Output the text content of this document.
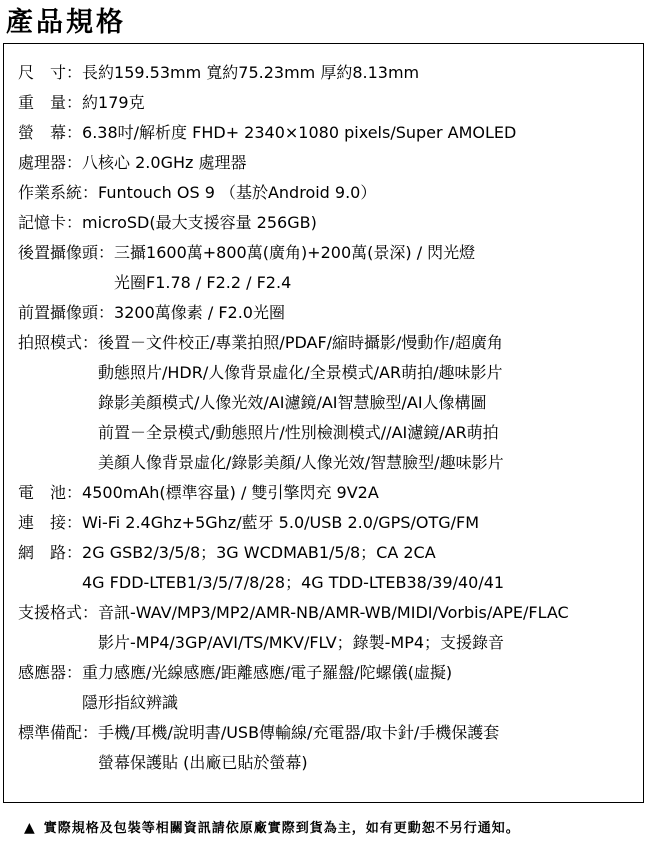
產品規格
尺　寸 ： 長約159.53mm 寬約75.23mm 厚約8.13mm
重　量 ： 約179克
螢　幕 ： 6.38吋/解析度 FHD+ 2340×1080 pixels/Super AMOLED
處理器 ： 八核心 2.0GHz 處理器
作業系統 ： Funtouch OS 9 （基於Android 9.0）
記憶卡 ： microSD(最大支援容量 256GB)
後置攝像頭 ： 三攝1600萬+800萬(廣角)+200萬(景深) / 閃光燈
光圈F1.78 / F2.2 / F2.4
前置攝像頭 ： 3200萬像素 / F2.0光圈
拍照模式 ： 後置－文件校正/專業拍照/PDAF/縮時攝影/慢動作/超廣角
動態照片/HDR/人像背景虛化/全景模式/AR萌拍/趣味影片
錄影美顏模式/人像光效/AI濾鏡/AI智慧臉型/AI人像構圖
前置－全景模式/動態照片/性別檢測模式//AI濾鏡/AR萌拍
美顏人像背景虛化/錄影美顏/人像光效/智慧臉型/趣味影片
電　池 ： 4500mAh(標準容量) / 雙引擎閃充 9V2A
連　接 ： Wi-Fi 2.4Ghz+5Ghz/藍牙 5.0/USB 2.0/GPS/OTG/FM
網　路 ： 2G GSB2/3/5/8；3G WCDMAB1/5/8；CA 2CA
4G FDD-LTEB1/3/5/7/8/28；4G TDD-LTEB38/39/40/41
支援格式 ： 音訊-WAV/MP3/MP2/AMR-NB/AMR-WB/MIDI/Vorbis/APE/FLAC
影片-MP4/3GP/AVI/TS/MKV/FLV；錄製-MP4；支援錄音
感應器 ： 重力感應/光線感應/距離感應/電子羅盤/陀螺儀(虛擬)
隱形指紋辨識
標準備配 ： 手機/耳機/說明書/USB傳輸線/充電器/取卡針/手機保護套
螢幕保護貼 (出廠已貼於螢幕)
▲ 實際規格及包裝等相關資訊請依原廠實際到貨為主，如有更動恕不另行通知。
